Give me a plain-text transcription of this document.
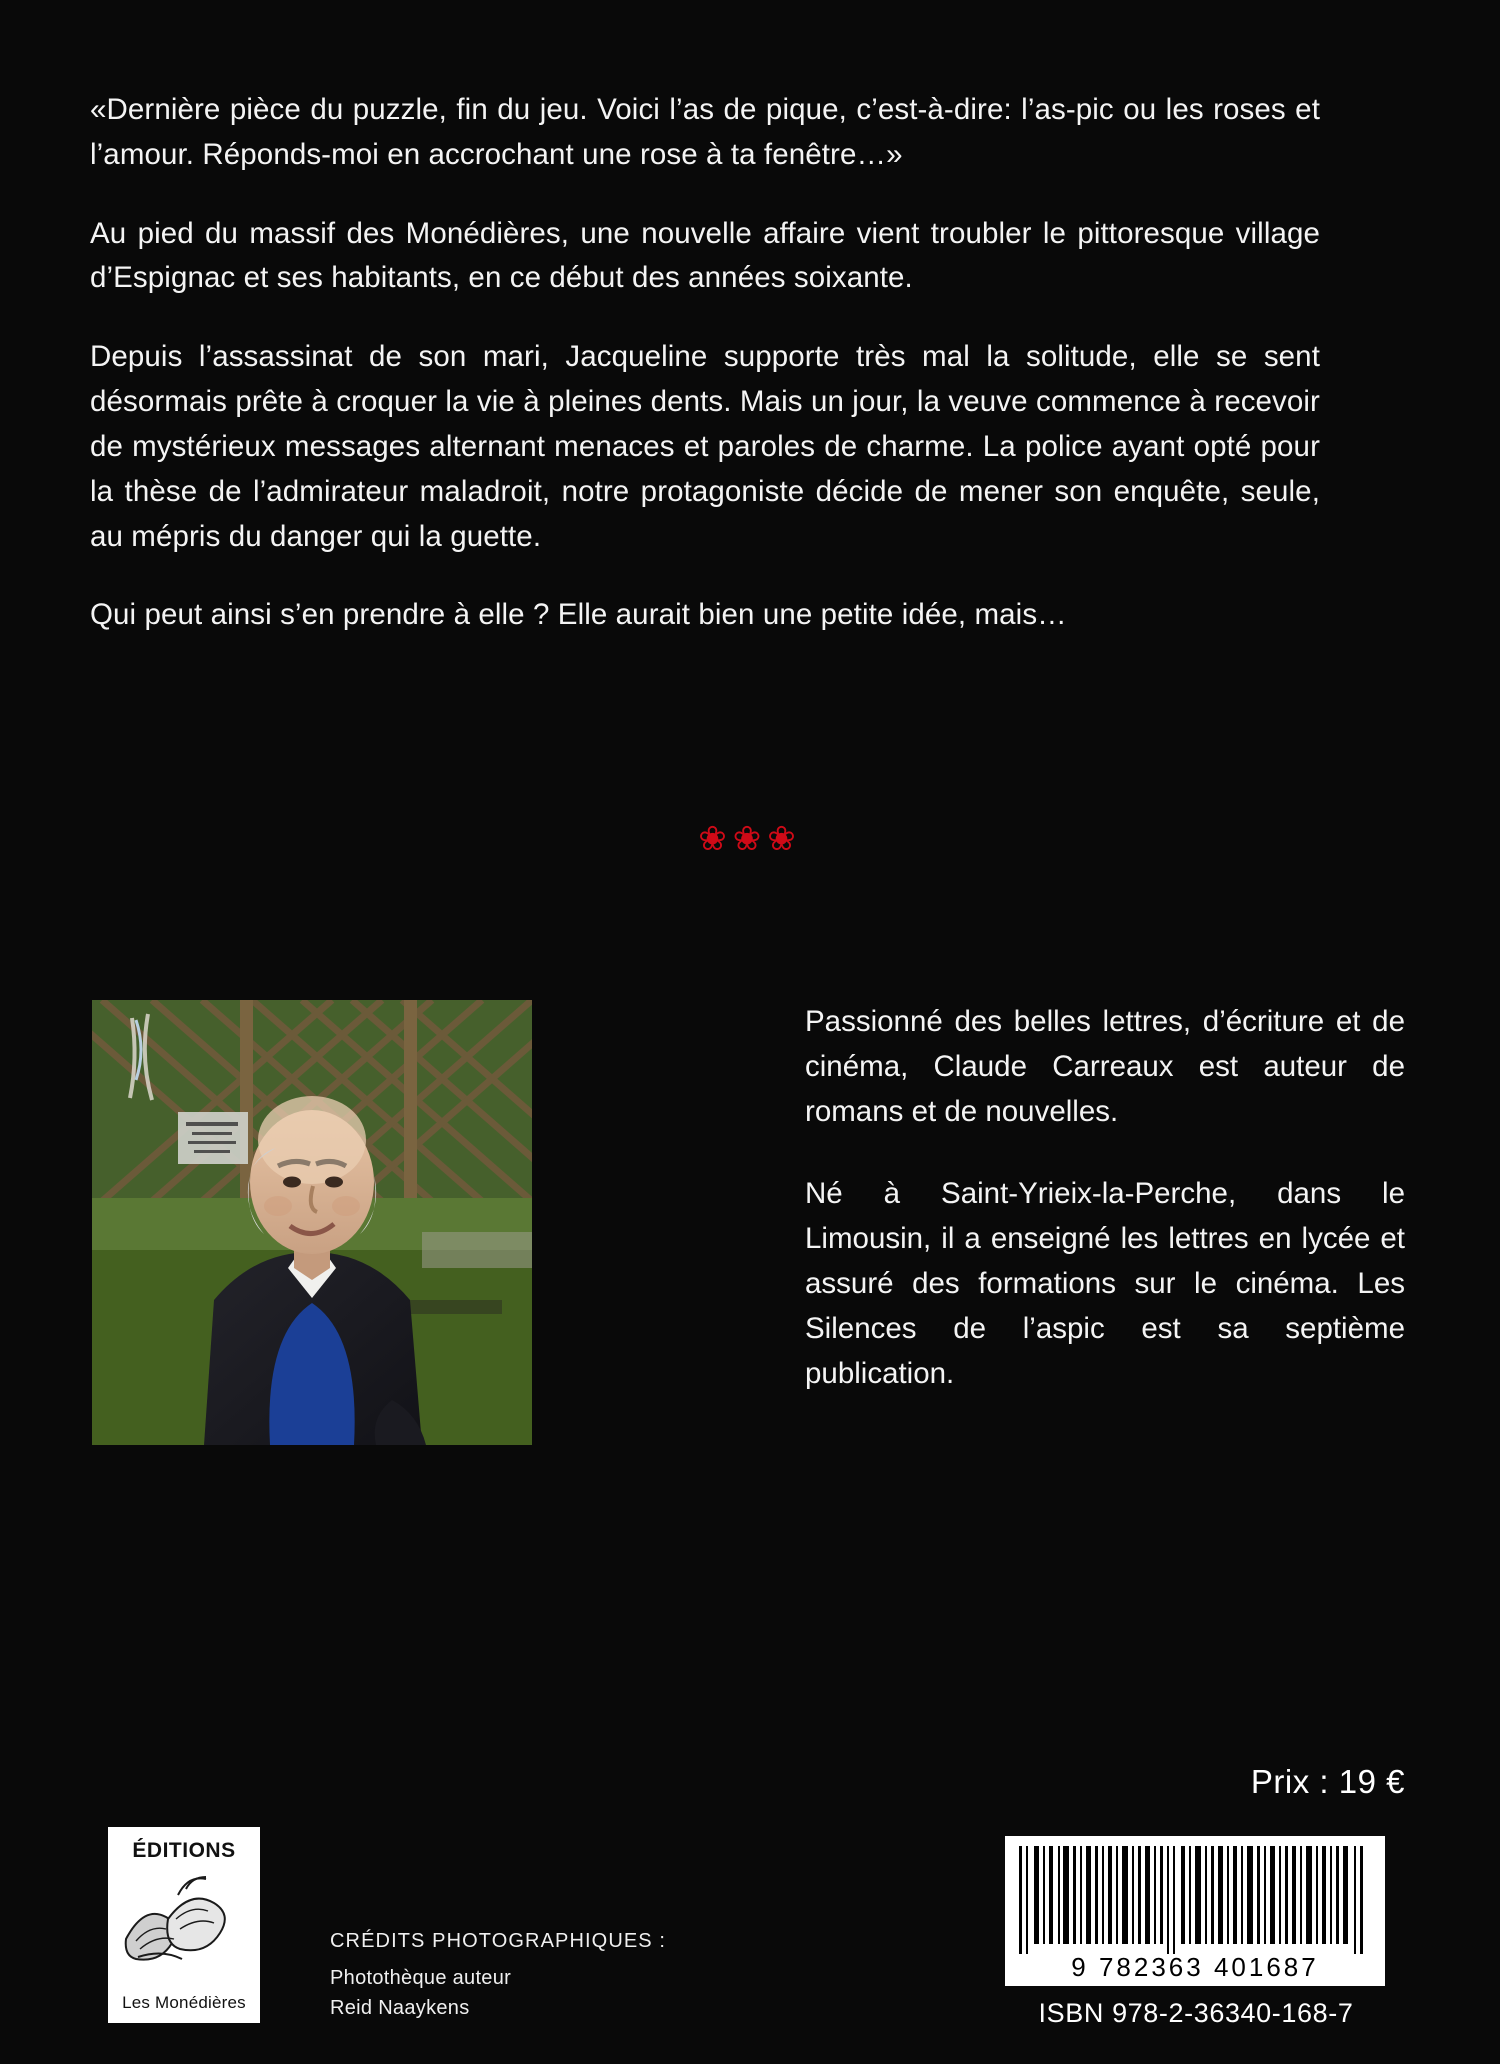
«Dernière pièce du puzzle, fin du jeu. Voici l’as de pique, c’est-à-dire: l’as-pic ou les roses et l’amour. Réponds-moi en accrochant une rose à ta fenêtre…»

Au pied du massif des Monédières, une nouvelle affaire vient troubler le pittoresque village d’Espignac et ses habitants, en ce début des années soixante.

Depuis l’assassinat de son mari, Jacqueline supporte très mal la solitude, elle se sent désormais prête à croquer la vie à pleines dents. Mais un jour, la veuve commence à recevoir de mystérieux messages alternant menaces et paroles de charme. La police ayant opté pour la thèse de l’admirateur maladroit, notre protagoniste décide de mener son enquête, seule, au mépris du danger qui la guette.

Qui peut ainsi s’en prendre à elle ? Elle aurait bien une petite idée, mais…

❀❀❀

Passionné des belles lettres, d’écriture et de cinéma, Claude Carreaux est auteur de romans et de nouvelles.

Né à Saint-Yrieix-la-Perche, dans le Limousin, il a enseigné les lettres en lycée et assuré des formations sur le cinéma. Les Silences de l’aspic est sa septième publication.

Prix : 19 €
ÉDITIONS
Les Monédières
CRÉDITS PHOTOGRAPHIQUES :
Photothèque auteur
Reid Naaykens
9 782363 401687
ISBN 978-2-36340-168-7
